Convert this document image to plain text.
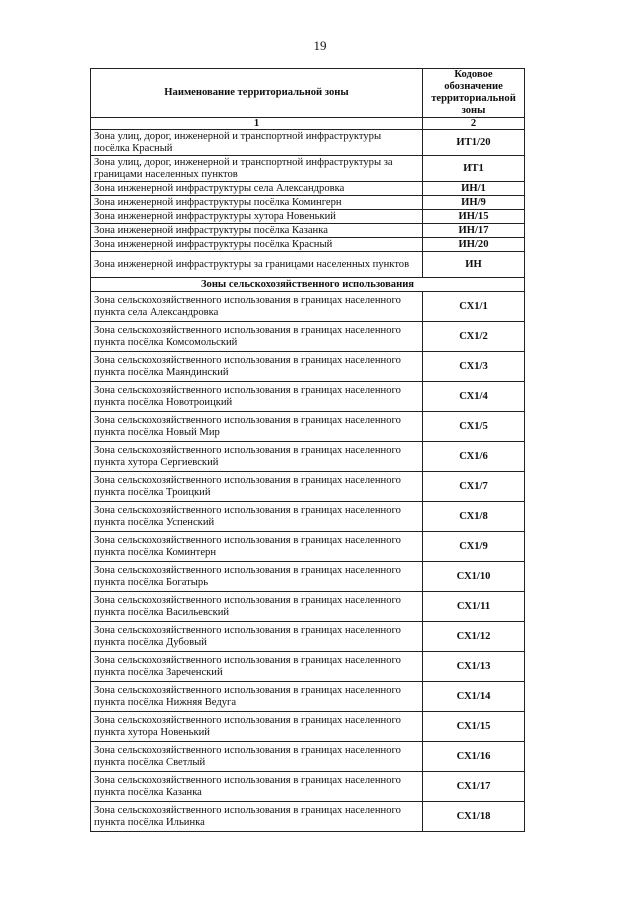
19
Наименование территориальной зоны	Кодовое обозначение территориальной зоны
1	2
Зона улиц, дорог, инженерной и транспортной инфраструктуры посёлка Красный	ИТ1/20
Зона улиц, дорог, инженерной и транспортной инфраструктуры за границами населенных пунктов	ИТ1
Зона инженерной инфраструктуры села Александровка	ИН/1
Зона инженерной инфраструктуры посёлка Комингерн	ИН/9
Зона инженерной инфраструктуры хутора Новенький	ИН/15
Зона инженерной инфраструктуры посёлка Казанка	ИН/17
Зона инженерной инфраструктуры посёлка Красный	ИН/20
Зона инженерной инфраструктуры за границами населенных пунктов	ИН
Зоны сельскохозяйственного использования	
Зона сельскохозяйственного использования в границах населенного пункта села Александровка	СХ1/1
Зона сельскохозяйственного использования в границах населенного пункта посёлка Комсомольский	СХ1/2
Зона сельскохозяйственного использования в границах населенного пункта посёлка Маяндинский	СХ1/3
Зона сельскохозяйственного использования в границах населенного пункта посёлка Новотроицкий	СХ1/4
Зона сельскохозяйственного использования в границах населенного пункта посёлка Новый Мир	СХ1/5
Зона сельскохозяйственного использования в границах населенного пункта хутора Сергиевский	СХ1/6
Зона сельскохозяйственного использования в границах населенного пункта посёлка Троицкий	СХ1/7
Зона сельскохозяйственного использования в границах населенного пункта посёлка Успенский	СХ1/8
Зона сельскохозяйственного использования в границах населенного пункта посёлка Коминтерн	СХ1/9
Зона сельскохозяйственного использования в границах населенного пункта посёлка Богатырь	СХ1/10
Зона сельскохозяйственного использования в границах населенного пункта посёлка Васильевский	СХ1/11
Зона сельскохозяйственного использования в границах населенного пункта посёлка Дубовый	СХ1/12
Зона сельскохозяйственного использования в границах населенного пункта посёлка Зареченский	СХ1/13
Зона сельскохозяйственного использования в границах населенного пункта посёлка Нижняя Ведуга	СХ1/14
Зона сельскохозяйственного использования в границах населенного пункта хутора Новенький	СХ1/15
Зона сельскохозяйственного использования в границах населенного пункта посёлка Светлый	СХ1/16
Зона сельскохозяйственного использования в границах населенного пункта посёлка Казанка	СХ1/17
Зона сельскохозяйственного использования в границах населенного пункта посёлка Ильинка	СХ1/18
